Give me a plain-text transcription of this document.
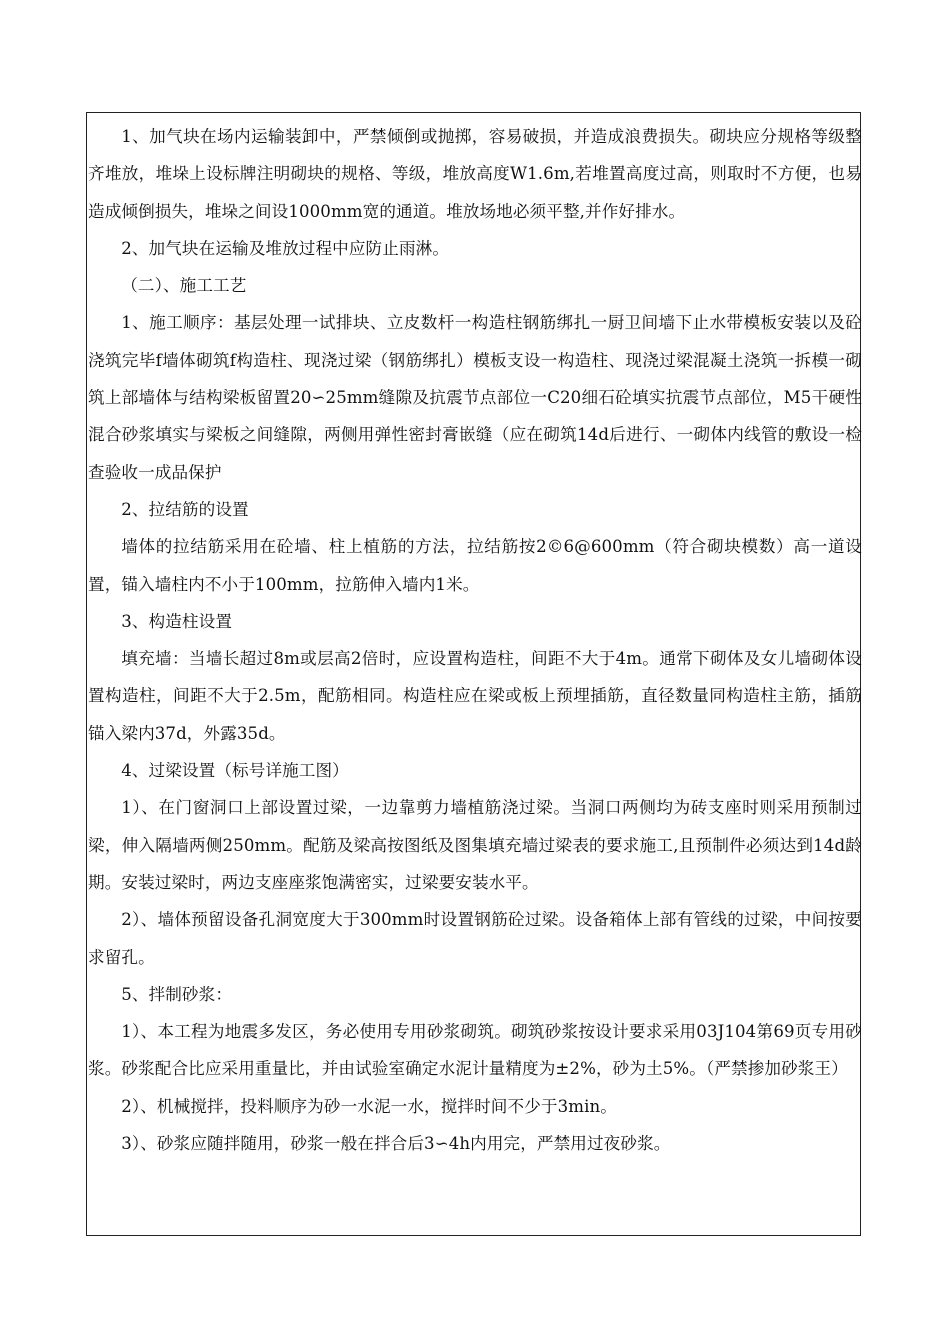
1、加气块在场内运输装卸中，严禁倾倒或抛掷，容易破损，并造成浪费损失。砌块应分规格等级整齐堆放，堆垛上设标牌注明砌块的规格、等级，堆放高度W1.6m,若堆置高度过高，则取时不方便，也易造成倾倒损失，堆垛之间设1000mm宽的通道。堆放场地必须平整,并作好排水。

2、加气块在运输及堆放过程中应防止雨淋。

（二）、施工工艺

1、施工顺序：基层处理一试排块、立皮数杆一构造柱钢筋绑扎一厨卫间墙下止水带模板安装以及砼浇筑完毕f墙体砌筑f构造柱、现浇过梁（钢筋绑扎）模板支设一构造柱、现浇过梁混凝土浇筑一拆模一砌筑上部墙体与结构梁板留置20∽25mm缝隙及抗震节点部位一C20细石砼填实抗震节点部位，M5干硬性混合砂浆填实与梁板之间缝隙，两侧用弹性密封膏嵌缝（应在砌筑14d后进行、一砌体内线管的敷设一检查验收一成品保护

2、拉结筋的设置

墙体的拉结筋采用在砼墙、柱上植筋的方法，拉结筋按2©6@600mm（符合砌块模数）高一道设置，锚入墙柱内不小于100mm，拉筋伸入墙内1米。

3、构造柱设置

填充墙：当墙长超过8m或层高2倍时，应设置构造柱，间距不大于4m。通常下砌体及女儿墙砌体设置构造柱，间距不大于2.5m，配筋相同。构造柱应在梁或板上预埋插筋，直径数量同构造柱主筋，插筋锚入梁内37d，外露35d。

4、过梁设置（标号详施工图）

1）、在门窗洞口上部设置过梁，一边靠剪力墙植筋浇过梁。当洞口两侧均为砖支座时则采用预制过梁，伸入隔墙两侧250mm。配筋及梁高按图纸及图集填充墙过梁表的要求施工,且预制件必须达到14d龄期。安装过梁时，两边支座座浆饱满密实，过梁要安装水平。

2）、墙体预留设备孔洞宽度大于300mm时设置钢筋砼过梁。设备箱体上部有管线的过梁，中间按要求留孔。

5、拌制砂浆：

1）、本工程为地震多发区，务必使用专用砂浆砌筑。砌筑砂浆按设计要求采用03J104第69页专用砂浆。砂浆配合比应采用重量比，并由试验室确定水泥计量精度为±2%，砂为土5%。（严禁掺加砂浆王）

2）、机械搅拌，投料顺序为砂一水泥一水，搅拌时间不少于3min。

3）、砂浆应随拌随用，砂浆一般在拌合后3∽4h内用完，严禁用过夜砂浆。
